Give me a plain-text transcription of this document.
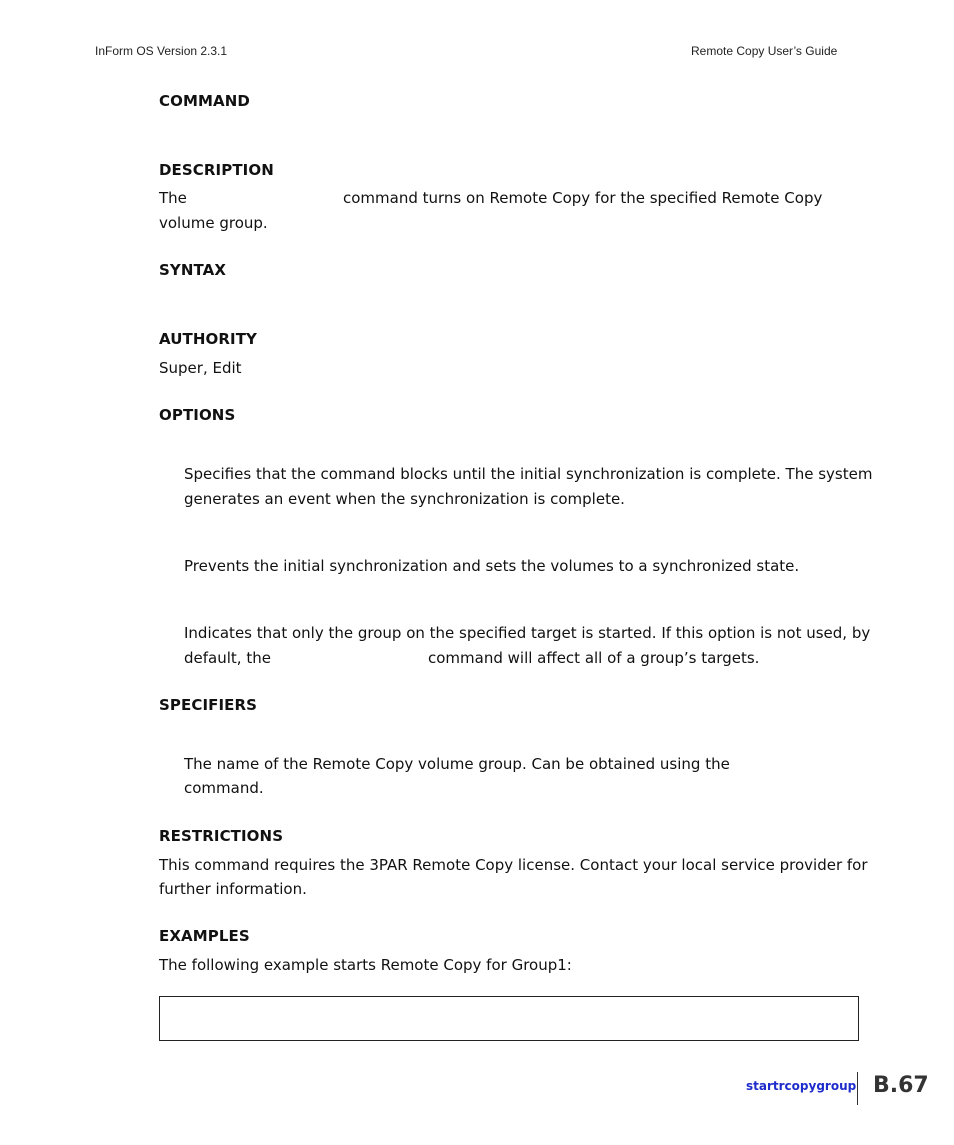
InForm OS Version 2.3.1	Remote Copy User’s Guide
COMMAND
DESCRIPTION
The	command turns on Remote Copy for the specified Remote Copy
volume group.
SYNTAX
AUTHORITY
Super, Edit
OPTIONS
Specifies that the command blocks until the initial synchronization is complete. The system
generates an event when the synchronization is complete.
Prevents the initial synchronization and sets the volumes to a synchronized state.
Indicates that only the group on the specified target is started. If this option is not used, by
default, the	command will affect all of a group’s targets.
SPECIFIERS
The name of the Remote Copy volume group. Can be obtained using the
command.
RESTRICTIONS
This command requires the 3PAR Remote Copy license. Contact your local service provider for
further information.
EXAMPLES
The following example starts Remote Copy for Group1:
startrcopygroup B.67
